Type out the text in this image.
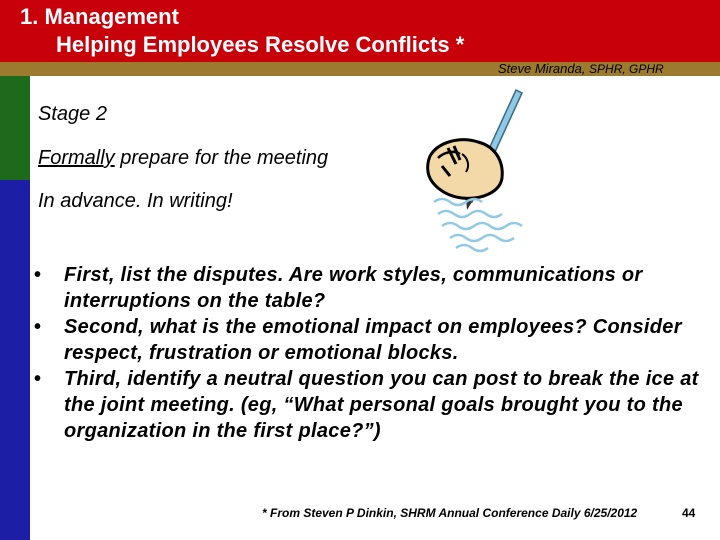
1. Management
Helping Employees Resolve Conflicts *
Steve Miranda, SPHR, GPHR
Stage 2
Formally prepare for the meeting
In advance. In writing!
• First, list the disputes. Are work styles, communications or interruptions on the table?
• Second, what is the emotional impact on employees? Consider respect, frustration or emotional blocks.
• Third, identify a neutral question you can post to break the ice at the joint meeting. (eg, “What personal goals brought you to the organization in the first place?”)
* From Steven P Dinkin, SHRM Annual Conference Daily 6/25/2012	44
